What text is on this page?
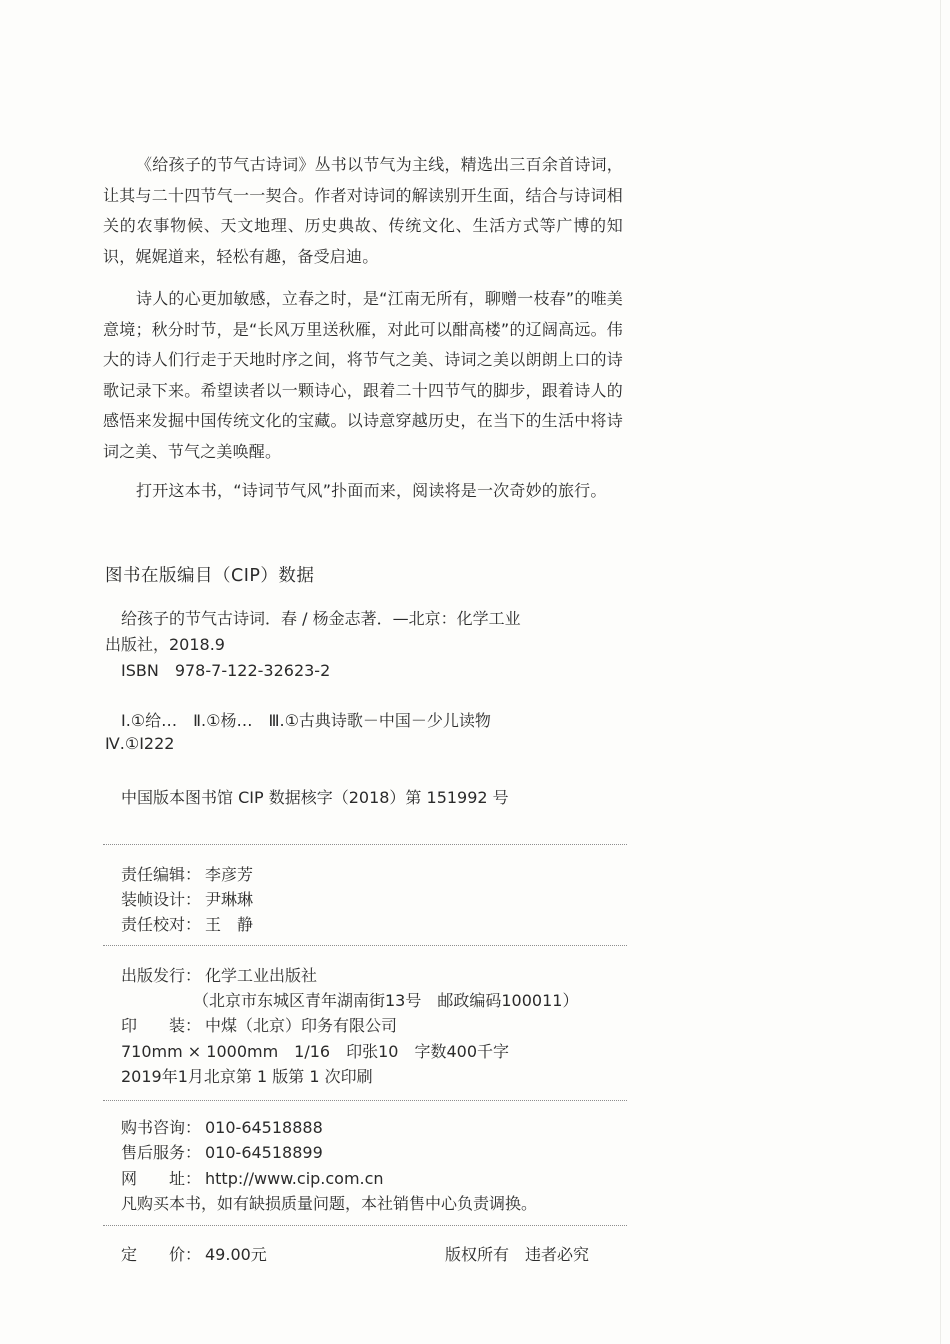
《给孩子的节气古诗词》丛书以节气为主线，精选出三百余首诗词，让其与二十四节气一一契合。作者对诗词的解读别开生面，结合与诗词相关的农事物候、天文地理、历史典故、传统文化、生活方式等广博的知识，娓娓道来，轻松有趣，备受启迪。

诗人的心更加敏感，立春之时，是“江南无所有，聊赠一枝春”的唯美意境；秋分时节，是“长风万里送秋雁，对此可以酣高楼”的辽阔高远。伟大的诗人们行走于天地时序之间，将节气之美、诗词之美以朗朗上口的诗歌记录下来。希望读者以一颗诗心，跟着二十四节气的脚步，跟着诗人的感悟来发掘中国传统文化的宝藏。以诗意穿越历史，在当下的生活中将诗词之美、节气之美唤醒。

打开这本书，“诗词节气风”扑面而来，阅读将是一次奇妙的旅行。

图书在版编目（CIP）数据
给孩子的节气古诗词．春 / 杨金志著．—北京：化学工业
出版社，2018.9
ISBN　978-7-122-32623-2
Ⅰ.①给…　Ⅱ.①杨…　Ⅲ.①古典诗歌－中国－少儿读物
Ⅳ.①I222
中国版本图书馆 CIP 数据核字（2018）第 151992 号
责任编辑： 李彦芳
装帧设计： 尹琳琳
责任校对： 王　静
出版发行： 化学工业出版社
（北京市东城区青年湖南街13号　邮政编码100011）
印　　装： 中煤（北京）印务有限公司
710mm × 1000mm　1/16　印张10　字数400千字
2019年1月北京第 1 版第 1 次印刷
购书咨询： 010-64518888
售后服务： 010-64518899
网　　址： http://www.cip.com.cn
凡购买本书，如有缺损质量问题，本社销售中心负责调换。
定　　价： 49.00元	版权所有　违者必究
